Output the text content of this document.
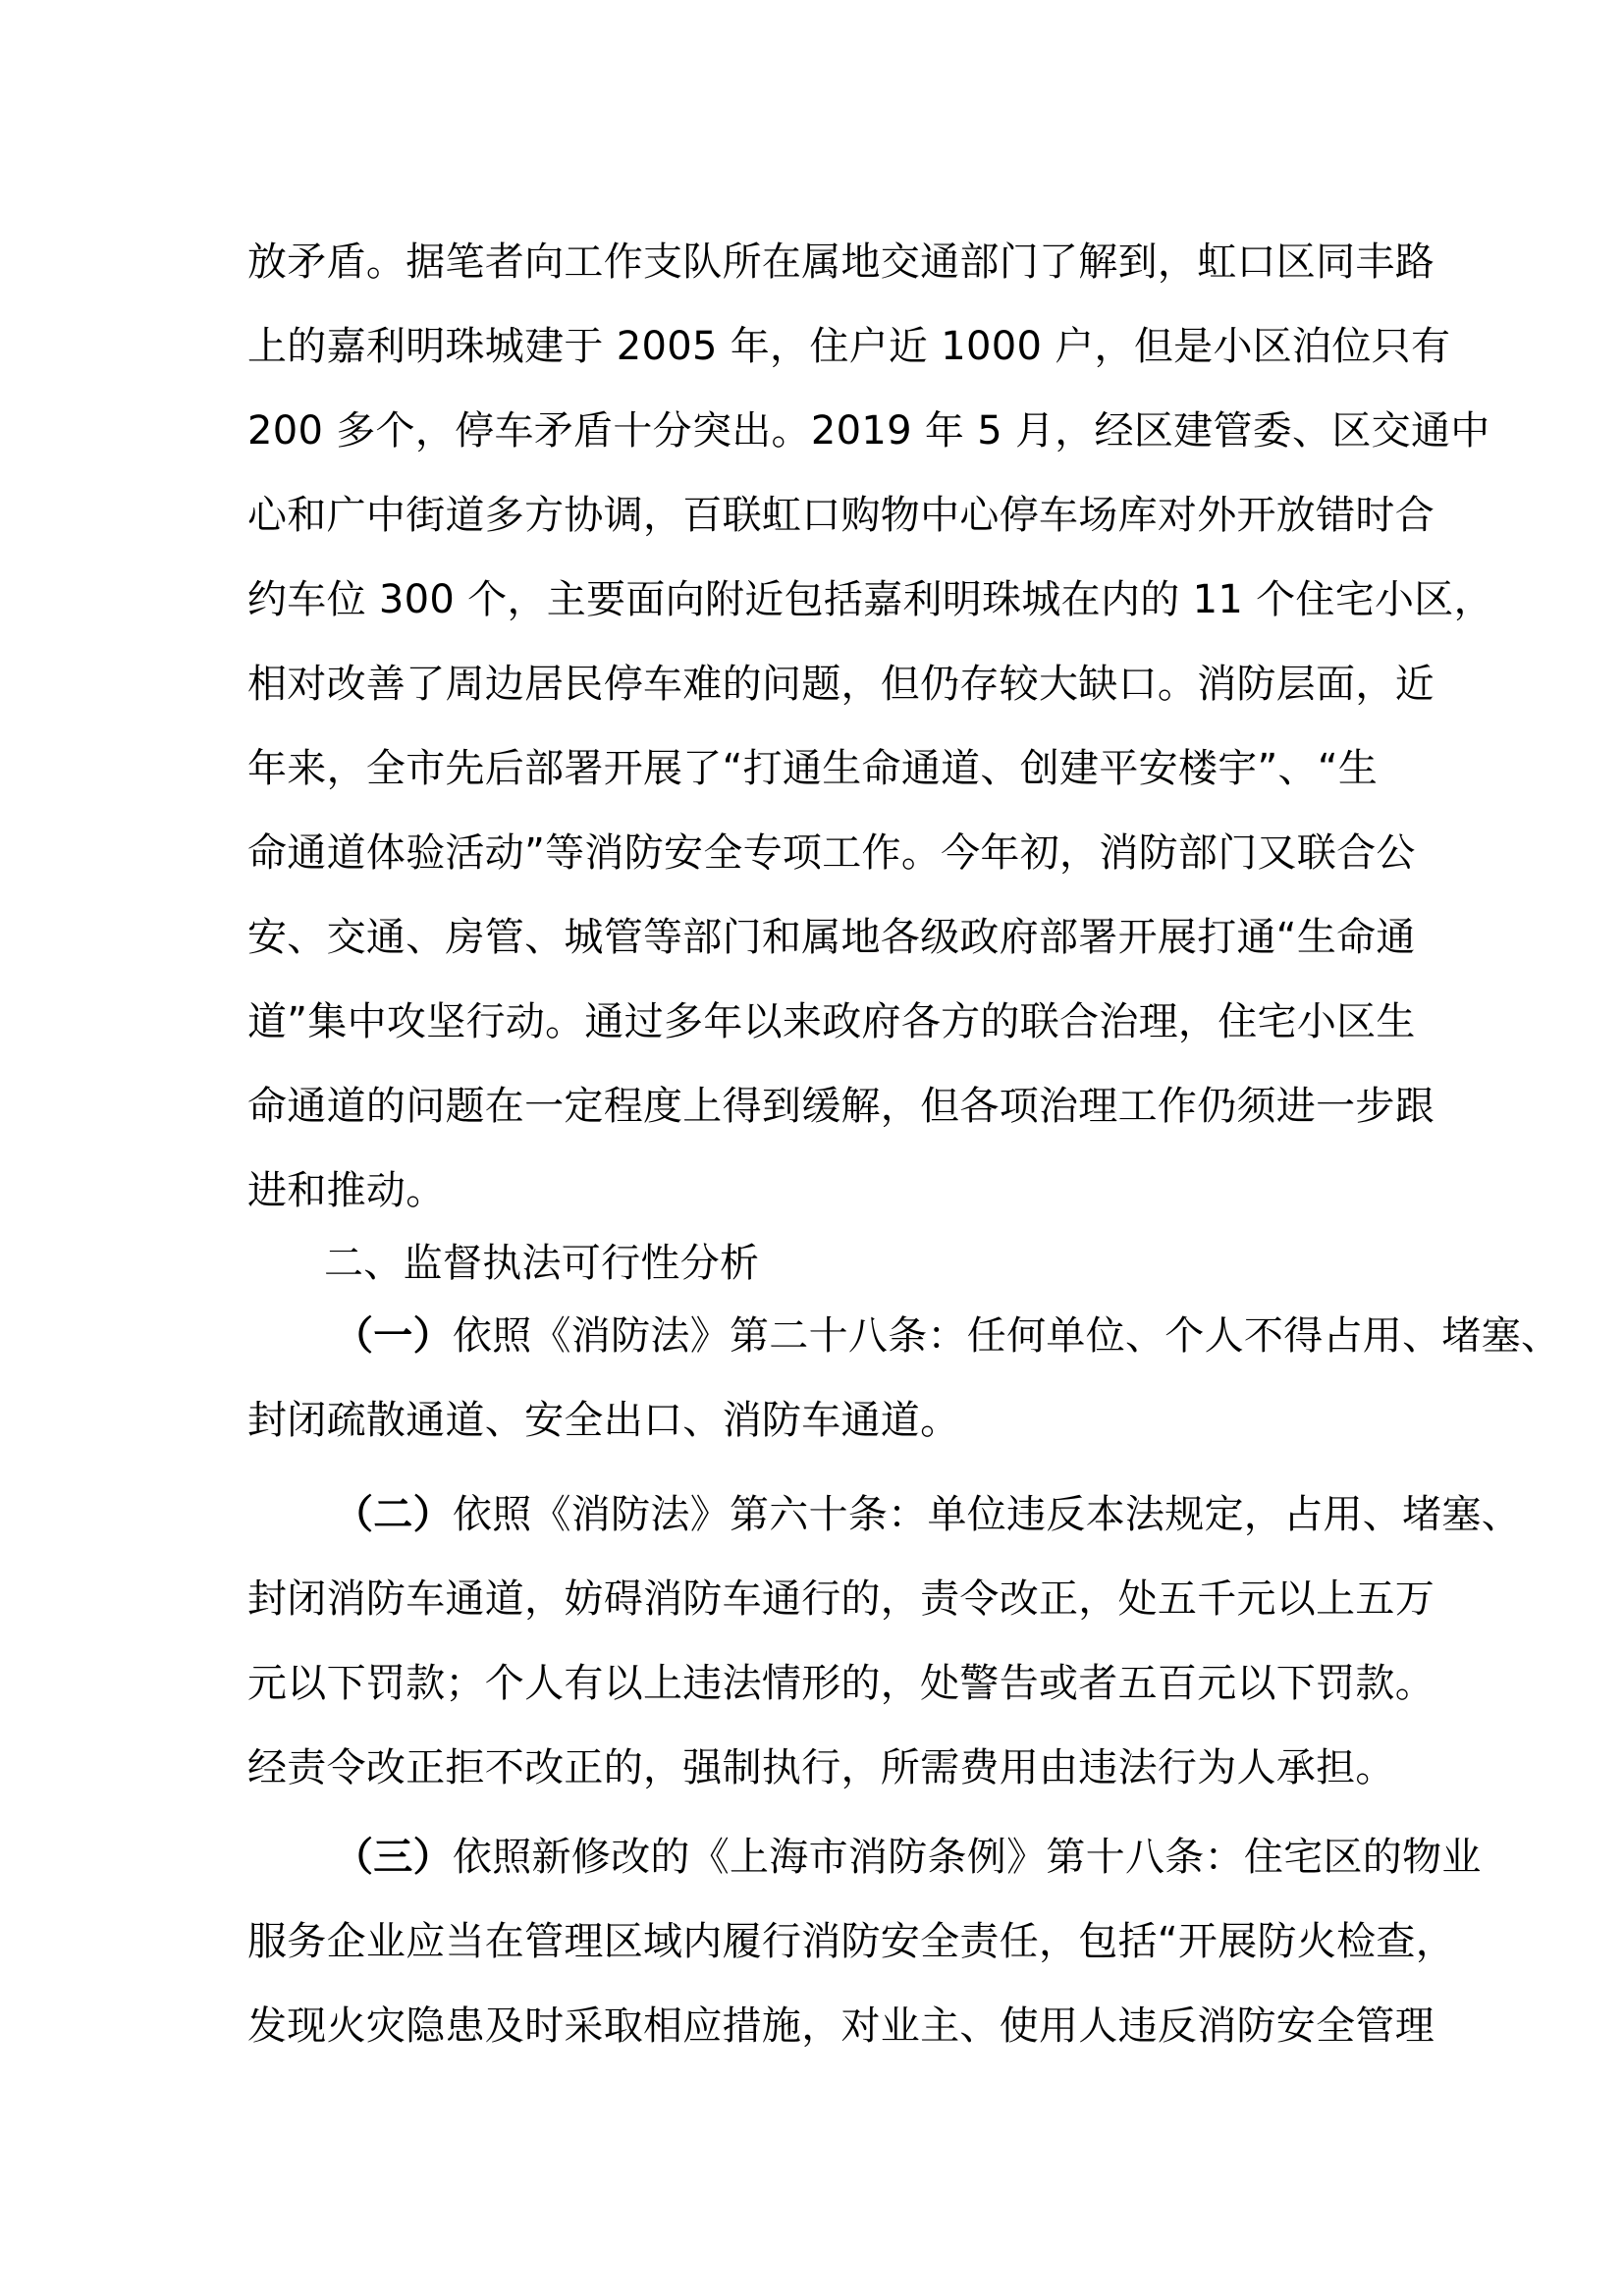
放矛盾。据笔者向工作支队所在属地交通部门了解到，虹口区同丰路
上的嘉利明珠城建于 2005 年，住户近 1000 户，但是小区泊位只有
200 多个，停车矛盾十分突出。2019 年 5 月，经区建管委、区交通中
心和广中街道多方协调，百联虹口购物中心停车场库对外开放错时合
约车位 300 个，主要面向附近包括嘉利明珠城在内的 11 个住宅小区，
相对改善了周边居民停车难的问题，但仍存较大缺口。消防层面，近
年来，全市先后部署开展了“打通生命通道、创建平安楼宇”、“生
命通道体验活动”等消防安全专项工作。今年初，消防部门又联合公
安、交通、房管、城管等部门和属地各级政府部署开展打通“生命通
道”集中攻坚行动。通过多年以来政府各方的联合治理，住宅小区生
命通道的问题在一定程度上得到缓解，但各项治理工作仍须进一步跟
进和推动。
二、监督执法可行性分析
（一）依照《消防法》第二十八条：任何单位、个人不得占用、堵塞、
封闭疏散通道、安全出口、消防车通道。
（二）依照《消防法》第六十条：单位违反本法规定，占用、堵塞、
封闭消防车通道，妨碍消防车通行的，责令改正，处五千元以上五万
元以下罚款；个人有以上违法情形的，处警告或者五百元以下罚款。
经责令改正拒不改正的，强制执行，所需费用由违法行为人承担。
（三）依照新修改的《上海市消防条例》第十八条：住宅区的物业
服务企业应当在管理区域内履行消防安全责任，包括“开展防火检查，
发现火灾隐患及时采取相应措施，对业主、使用人违反消防安全管理
